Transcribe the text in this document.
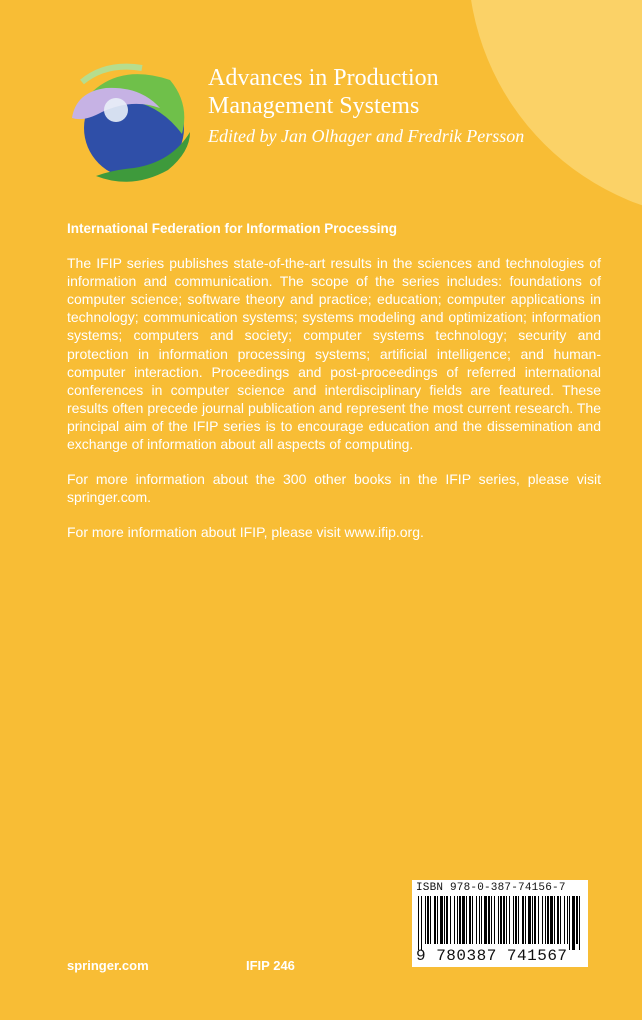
Advances in Production
Management Systems
Edited by Jan Olhager and Fredrik Persson
International Federation for Information Processing

The IFIP series publishes state-of-the-art results in the sciences and technologies of information and communication. The scope of the series includes: foundations of computer science; software theory and practice; education; computer applications in technology; communication systems; systems modeling and optimization; information systems; computers and society; computer systems technology; security and protection in information processing systems; artificial intelligence; and human-computer interaction. Proceedings and post-proceedings of referred international conferences in computer science and interdisciplinary fields are featured. These results often precede journal publication and represent the most current research. The principal aim of the IFIP series is to encourage education and the dissemination and exchange of information about all aspects of computing.

For more information about the 300 other books in the IFIP series, please visit springer.com.

For more information about IFIP, please visit www.ifip.org.

springer.com	IFIP 246
ISBN 978-0-387-74156-7
9 780387 741567
